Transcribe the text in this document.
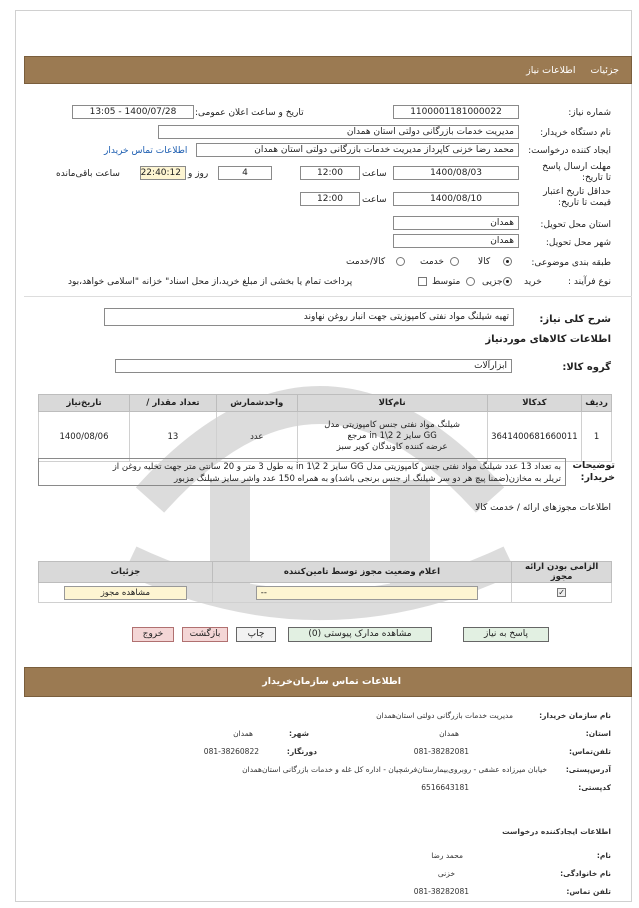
جزئیات اطلاعات نیاز
شماره نیاز:
1100001181000022
تاریخ و ساعت اعلان عمومی:
1400/07/28 - 13:05
نام دستگاه خریدار:
مدیریت خدمات بازرگانی دولتی استان همدان
ایجاد کننده درخواست:
محمد رضا خزنی کاپرداز مدیریت خدمات بازرگانی دولتی استان همدان
اطلاعات تماس خریدار
مهلت ارسال پاسخ تا تاریخ:
1400/08/03
ساعت
12:00
4
روز و
22:40:12
ساعت باقی‌مانده
حداقل تاریخ اعتبار قیمت تا تاریخ:
1400/08/10
ساعت
12:00
استان محل تحویل:
همدان
شهر محل تحویل:
همدان
طبقه بندی موضوعی:
کالا
خدمت
کالا/خدمت
نوع فرآیند :
خرید
جزیی
متوسط
پرداخت تمام یا بخشی از مبلغ خرید،از محل اسناد" خزانه "اسلامی خواهد،بود
شرح کلی نیاز:
تهیه شیلنگ مواد نفتی کامپوزیتی جهت انبار روغن نهاوند
اطلاعات کالاهای موردنیاز
گروه کالا:
ابزارآلات
ردیف	کدکالا	نام‌کالا	واحدشمارش	تعداد مقدار /	تاریخ‌نیاز
1	3641400681660011	شیلنگ مواد نفتی جنس کامپوزیتی مدل
GG سایز 2 in 1\2 مرجع
عرضه کننده کاوندگان کویر سبز	عدد	13	1400/08/06
توضیحات خریدار:
به تعداد 13 عدد شیلنگ مواد نفتی جنس کامپوزیتی مدل GG سایز 2 in 1\2 به طول 3 متر و 20 سانتی متر جهت تخلیه روغن از
تریلر به مخازن(ضمنا پیچ هر دو سر شیلنگ از جنس برنجی باشد)و به همراه 150 عدد واشر سایز شیلنگ مزبور
اطلاعات مجوزهای ارائه / خدمت کالا
الزامی بودن ارائه مجوز	اعلام وضعیت مجوز توسط تامین‌کننده	جزئیات
✓	--	مشاهده مجوز
پاسخ به نیاز
مشاهده مدارک پیوستی (0)
چاپ
بازگشت
خروج
اطلاعات تماس سازمان‌خریدار
نام سازمان‌ خریدار:
مدیریت خدمات بازرگانی دولتی استان‌همدان
استان:
همدان
شهر:
همدان
تلفن‌تماس:
081-38282081
دورنگار:
081-38260822
آدرس‌پستی:
خیابان میرزاده عشقی - روبروی‌بیمارستان‌فرشچیان - اداره کل غله و خدمات بازرگانی استان‌همدان
کدپستی:
6516643181
اطلاعات ایجادکننده درخواست
نام:
محمد رضا
نام خانوادگی:
خزنی
تلفن تماس:
081-38282081
